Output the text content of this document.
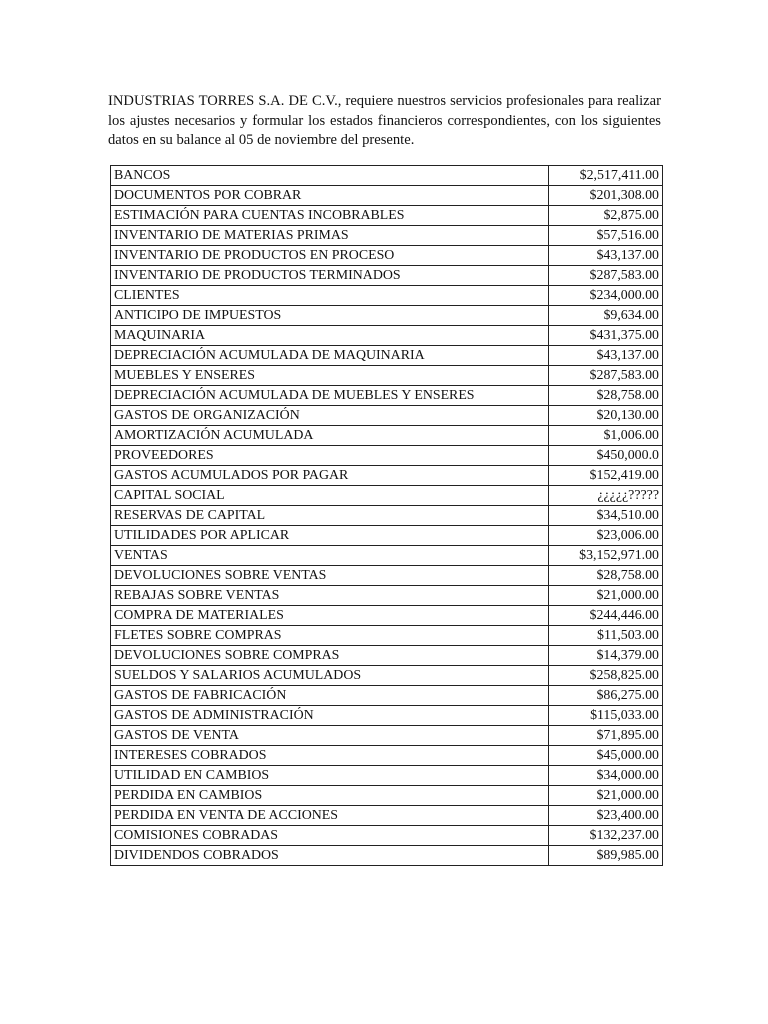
INDUSTRIAS TORRES S.A. DE C.V., requiere nuestros servicios profesionales para realizar los ajustes necesarios y formular los estados financieros correspondientes, con los siguientes datos en su balance al 05 de noviembre del presente.

BANCOS	$2,517,411.00
DOCUMENTOS POR COBRAR	$201,308.00
ESTIMACIÓN PARA CUENTAS INCOBRABLES	$2,875.00
INVENTARIO DE MATERIAS PRIMAS	$57,516.00
INVENTARIO DE PRODUCTOS EN PROCESO	$43,137.00
INVENTARIO DE PRODUCTOS TERMINADOS	$287,583.00
CLIENTES	$234,000.00
ANTICIPO DE IMPUESTOS	$9,634.00
MAQUINARIA	$431,375.00
DEPRECIACIÓN ACUMULADA DE MAQUINARIA	$43,137.00
MUEBLES Y ENSERES	$287,583.00
DEPRECIACIÓN ACUMULADA DE MUEBLES Y ENSERES	$28,758.00
GASTOS DE ORGANIZACIÓN	$20,130.00
AMORTIZACIÓN ACUMULADA	$1,006.00
PROVEEDORES	$450,000.0
GASTOS ACUMULADOS POR PAGAR	$152,419.00
CAPITAL SOCIAL	¿¿¿¿¿?????
RESERVAS DE CAPITAL	$34,510.00
UTILIDADES POR APLICAR	$23,006.00
VENTAS	$3,152,971.00
DEVOLUCIONES SOBRE VENTAS	$28,758.00
REBAJAS SOBRE VENTAS	$21,000.00
COMPRA DE MATERIALES	$244,446.00
FLETES SOBRE COMPRAS	$11,503.00
DEVOLUCIONES SOBRE COMPRAS	$14,379.00
SUELDOS Y SALARIOS ACUMULADOS	$258,825.00
GASTOS DE FABRICACIÓN	$86,275.00
GASTOS DE ADMINISTRACIÓN	$115,033.00
GASTOS DE VENTA	$71,895.00
INTERESES COBRADOS	$45,000.00
UTILIDAD EN CAMBIOS	$34,000.00
PERDIDA EN CAMBIOS	$21,000.00
PERDIDA EN VENTA DE ACCIONES	$23,400.00
COMISIONES COBRADAS	$132,237.00
DIVIDENDOS COBRADOS	$89,985.00
